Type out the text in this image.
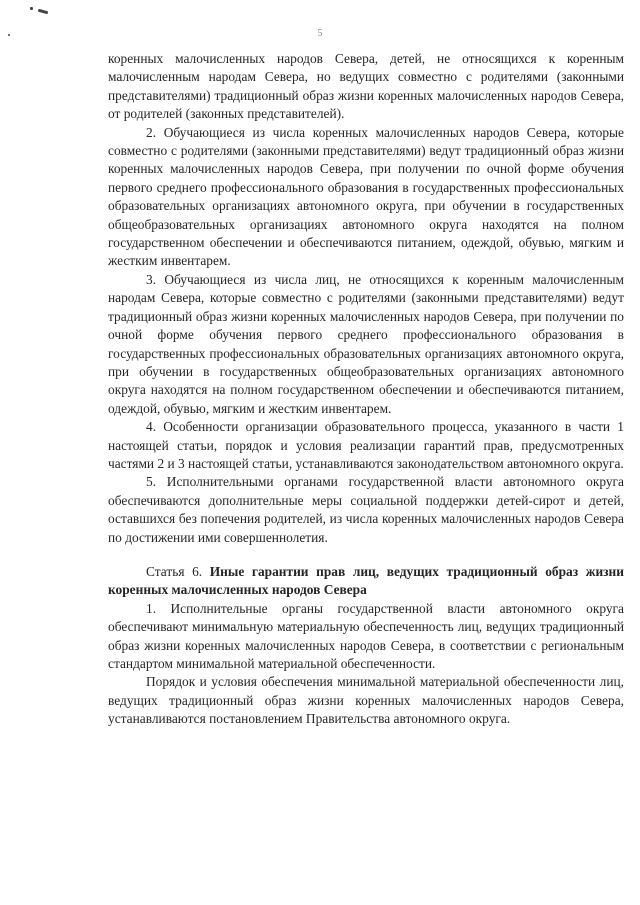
5

коренных малочисленных народов Севера, детей, не относящихся к коренным малочисленным народам Севера, но ведущих совместно с родителями (законными представителями) традиционный образ жизни коренных малочисленных народов Севера, от родителей (законных представителей).

2. Обучающиеся из числа коренных малочисленных народов Севера, которые совместно с родителями (законными представителями) ведут традиционный образ жизни коренных малочисленных народов Севера, при получении по очной форме обучения первого среднего профессионального образования в государственных профессиональных образовательных организациях автономного округа, при обучении в государственных общеобразовательных организациях автономного округа находятся на полном государственном обеспечении и обеспечиваются питанием, одеждой, обувью, мягким и жестким инвентарем.

3. Обучающиеся из числа лиц, не относящихся к коренным малочисленным народам Севера, которые совместно с родителями (законными представителями) ведут традиционный образ жизни коренных малочисленных народов Севера, при получении по очной форме обучения первого среднего профессионального образования в государственных профессиональных образовательных организациях автономного округа, при обучении в государственных общеобразовательных организациях автономного округа находятся на полном государственном обеспечении и обеспечиваются питанием, одеждой, обувью, мягким и жестким инвентарем.

4. Особенности организации образовательного процесса, указанного в части 1 настоящей статьи, порядок и условия реализации гарантий прав, предусмотренных частями 2 и 3 настоящей статьи, устанавливаются законодательством автономного округа.

5. Исполнительными органами государственной власти автономного округа обеспечиваются дополнительные меры социальной поддержки детей-сирот и детей, оставшихся без попечения родителей, из числа коренных малочисленных народов Севера по достижении ими совершеннолетия.

Статья 6. Иные гарантии прав лиц, ведущих традиционный образ жизни коренных малочисленных народов Севера

1. Исполнительные органы государственной власти автономного округа обеспечивают минимальную материальную обеспеченность лиц, ведущих традиционный образ жизни коренных малочисленных народов Севера, в соответствии с региональным стандартом минимальной материальной обеспеченности.

Порядок и условия обеспечения минимальной материальной обеспеченности лиц, ведущих традиционный образ жизни коренных малочисленных народов Севера, устанавливаются постановлением Правительства автономного округа.
